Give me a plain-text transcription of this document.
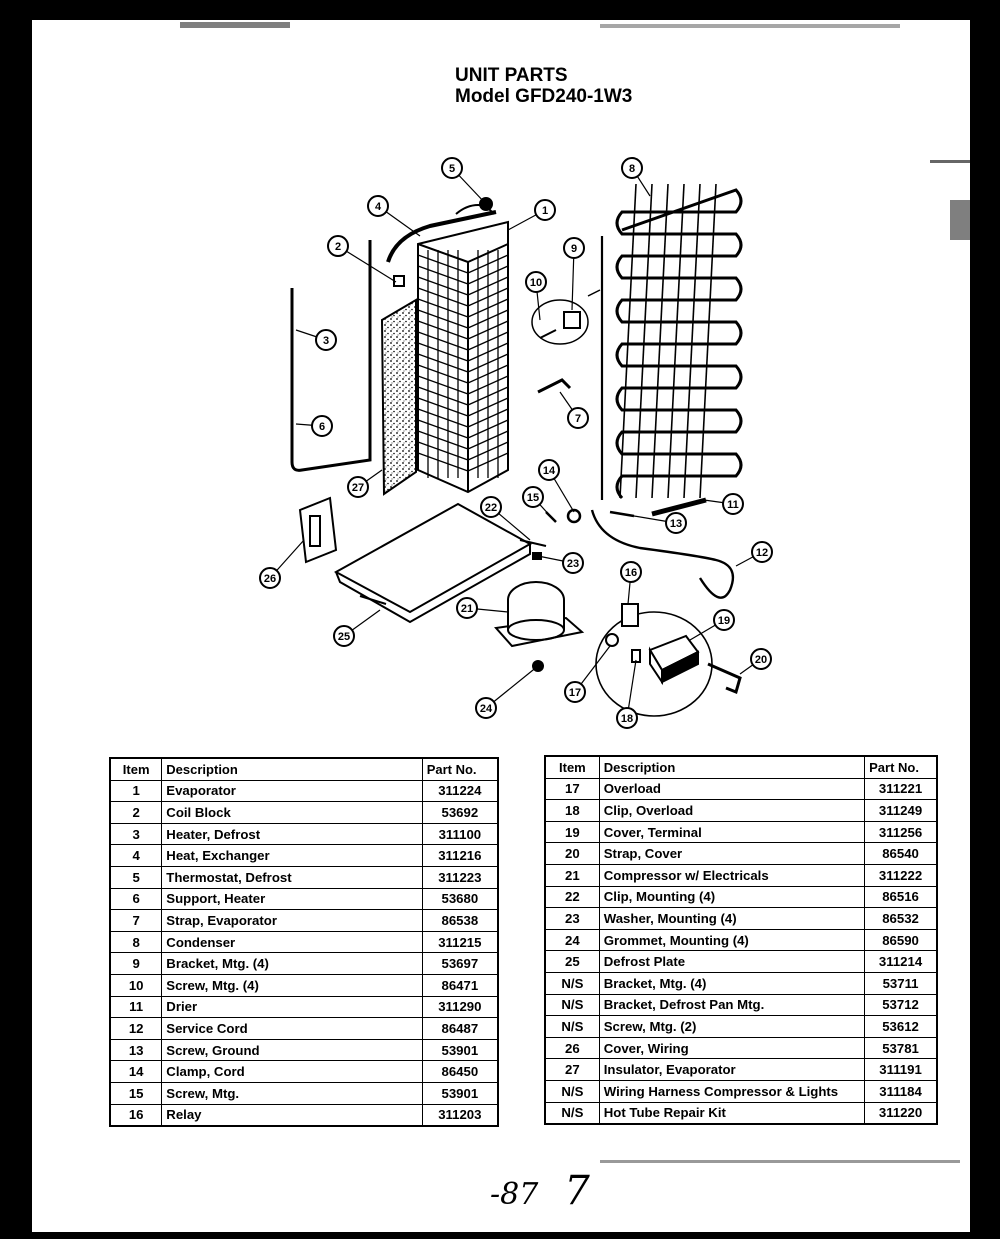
UNIT PARTS
Model GFD240-1W3
1
2
3
4
5
6
7
8
9
10
11
12
13
14
15
16
17
18
19
20
21
22
23
24
25
26
27
Item	Description	Part No.
1	Evaporator	311224
2	Coil Block	53692
3	Heater, Defrost	311100
4	Heat, Exchanger	311216
5	Thermostat, Defrost	311223
6	Support, Heater	53680
7	Strap, Evaporator	86538
8	Condenser	311215
9	Bracket, Mtg. (4)	53697
10	Screw, Mtg. (4)	86471
11	Drier	311290
12	Service Cord	86487
13	Screw, Ground	53901
14	Clamp, Cord	86450
15	Screw, Mtg.	53901
16	Relay	311203
Item	Description	Part No.
17	Overload	311221
18	Clip, Overload	311249
19	Cover, Terminal	311256
20	Strap, Cover	86540
21	Compressor w/ Electricals	311222
22	Clip, Mounting (4)	86516
23	Washer, Mounting (4)	86532
24	Grommet, Mounting (4)	86590
25	Defrost Plate	311214
N/S	Bracket, Mtg. (4)	53711
N/S	Bracket, Defrost Pan Mtg.	53712
N/S	Screw, Mtg. (2)	53612
26	Cover, Wiring	53781
27	Insulator, Evaporator	311191
N/S	Wiring Harness Compressor & Lights	311184
N/S	Hot Tube Repair Kit	311220
-87 7
